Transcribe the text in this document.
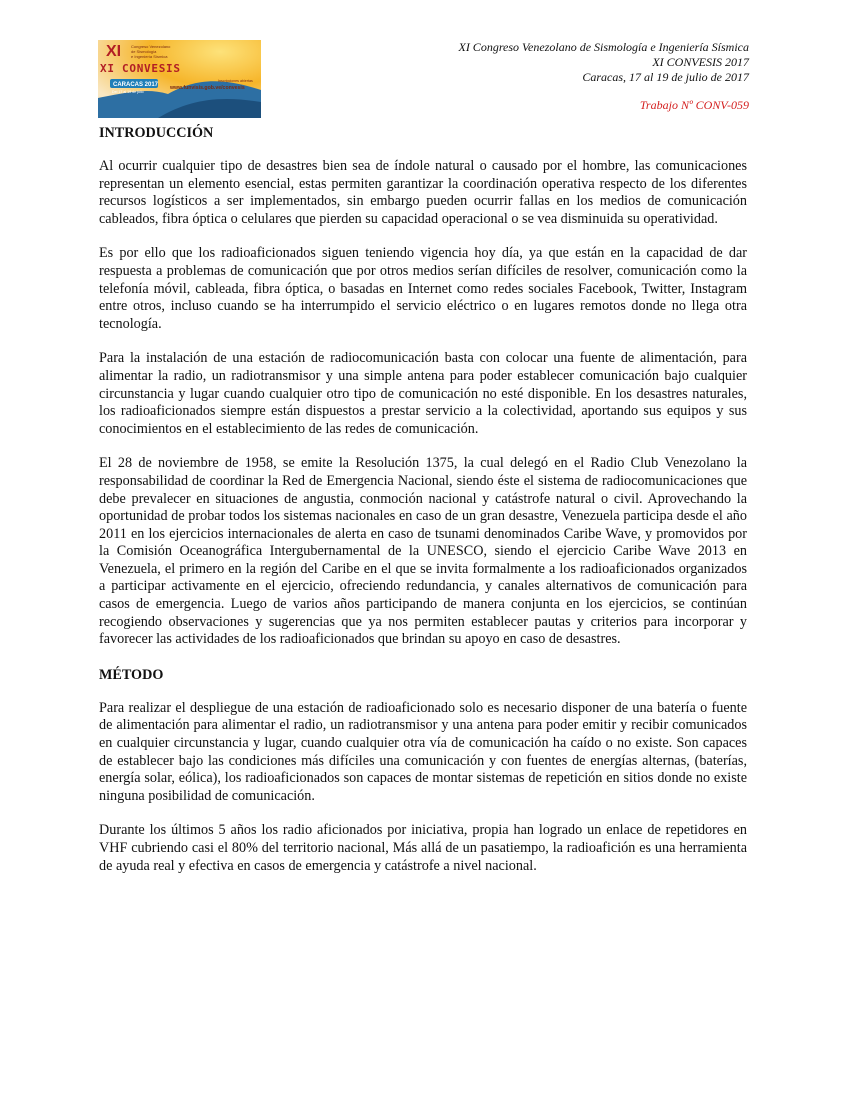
XI
XI CONVESIS
Congreso Venezolano
de Sismología
e Ingeniería Sísmica
CARACAS 2017
Del 17 al 19 de julio
Inscripciones abiertas
www.funvisis.gob.ve/convesis
XI Congreso Venezolano de Sismología e Ingeniería Sísmica
XI CONVESIS 2017
Caracas, 17 al 19 de julio de 2017
Trabajo Nº CONV-059
INTRODUCCIÓN

Al ocurrir cualquier tipo de desastres bien sea de índole natural o causado por el hombre, las comunicaciones representan un elemento esencial, estas permiten garantizar la coordinación operativa respecto de los diferentes recursos logísticos a ser implementados, sin embargo pueden ocurrir fallas en los medios de comunicación cableados, fibra óptica o celulares que pierden su capacidad operacional o se vea disminuida su operatividad.

Es por ello que los radioaficionados siguen teniendo vigencia hoy día, ya que están en la capacidad de dar respuesta a problemas de comunicación que por otros medios serían difíciles de resolver, comunicación como la telefonía móvil, cableada, fibra óptica, o basadas en Internet como redes sociales Facebook, Twitter, Instagram entre otros, incluso cuando se ha interrumpido el servicio eléctrico o en lugares remotos donde no llega otra tecnología.

Para la instalación de una estación de radiocomunicación basta con colocar una fuente de alimentación, para alimentar la radio, un radiotransmisor y una simple antena para poder establecer comunicación bajo cualquier circunstancia y lugar cuando cualquier otro tipo de comunicación no esté disponible. En los desastres naturales, los radioaficionados siempre están dispuestos a prestar servicio a la colectividad, aportando sus equipos y sus conocimientos en el establecimiento de las redes de comunicación.

El 28 de noviembre de 1958, se emite la Resolución 1375, la cual delegó en el Radio Club Venezolano la responsabilidad de coordinar la Red de Emergencia Nacional, siendo éste el sistema de radiocomunicaciones que debe prevalecer en situaciones de angustia, conmoción nacional y catástrofe natural o civil. Aprovechando la oportunidad de probar todos los sistemas nacionales en caso de un gran desastre, Venezuela participa desde el año 2011 en los ejercicios internacionales de alerta en caso de tsunami denominados Caribe Wave, y promovidos por la Comisión Oceanográfica Intergubernamental de la UNESCO, siendo el ejercicio Caribe Wave 2013 en Venezuela, el primero en la región del Caribe en el que se invita formalmente a los radioaficionados organizados a participar activamente en el ejercicio, ofreciendo redundancia, y canales alternativos de comunicación para casos de emergencia. Luego de varios años participando de manera conjunta en los ejercicios, se continúan recogiendo observaciones y sugerencias que ya nos permiten establecer pautas y criterios para incorporar y favorecer las actividades de los radioaficionados que brindan su apoyo en caso de desastres.

MÉTODO

Para realizar el despliegue de una estación de radioaficionado solo es necesario disponer de una batería o fuente de alimentación para alimentar el radio, un radiotransmisor y una antena para poder emitir y recibir comunicados en cualquier circunstancia y lugar, cuando cualquier otra vía de comunicación ha caído o no existe. Son capaces de establecer bajo las condiciones más difíciles una comunicación y con fuentes de energías alternas, (baterías, energía solar, eólica), los radioaficionados son capaces de montar sistemas de repetición en sitios donde no existe ninguna posibilidad de comunicación.

Durante los últimos 5 años los radio aficionados por iniciativa, propia han logrado un enlace de repetidores en VHF cubriendo casi el 80% del territorio nacional, Más allá de un pasatiempo, la radioafición es una herramienta de ayuda real y efectiva en casos de emergencia y catástrofe a nivel nacional.
